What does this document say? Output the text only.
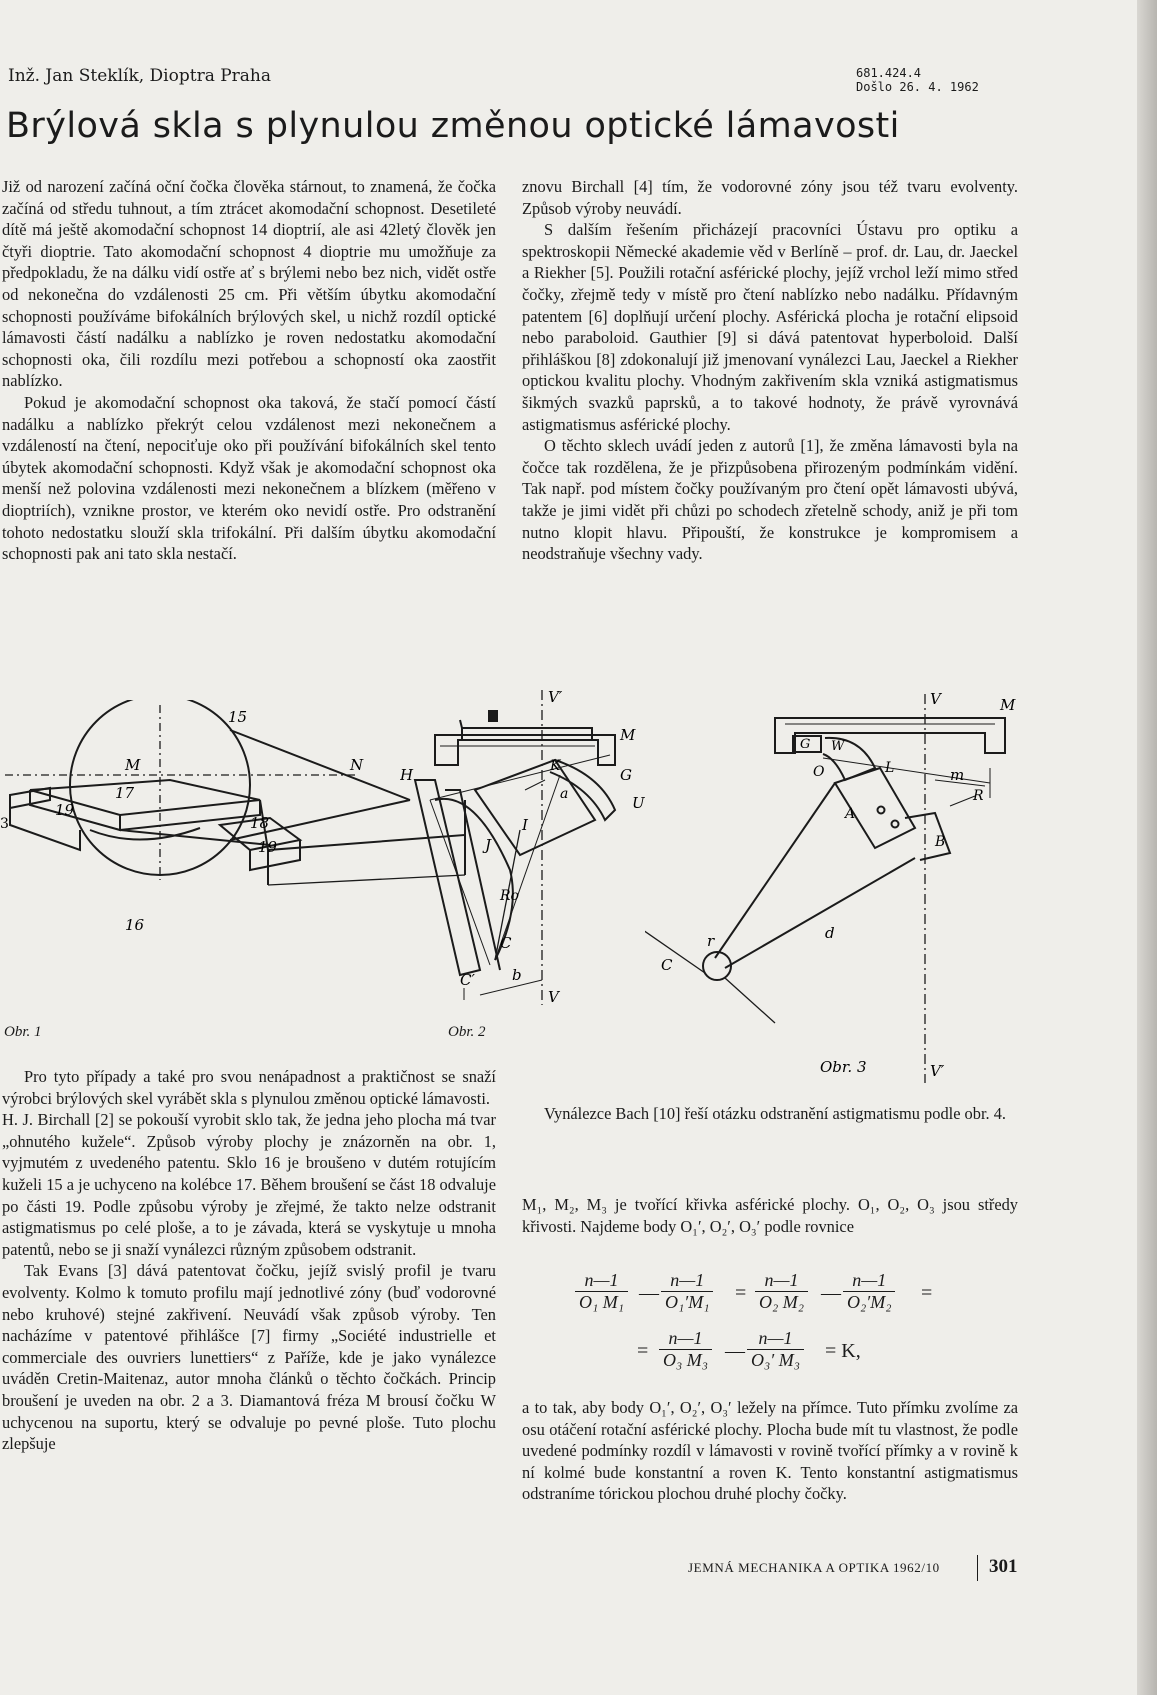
Inž. Jan Steklík, Dioptra Praha	681.424.4
Došlo 26. 4. 1962
Brýlová skla s plynulou změnou optické lámavosti

Již od narození začíná oční čočka člověka stárnout, to znamená, že čočka začíná od středu tuhnout, a tím ztrácet akomodační schopnost. Desetileté dítě má ještě akomodační schopnost 14 dioptrií, ale asi 42letý člověk jen čtyři dioptrie. Tato akomodační schopnost 4 dioptrie mu umožňuje za předpokladu, že na dálku vidí ostře ať s brýlemi nebo bez nich, vidět ostře od nekonečna do vzdálenosti 25 cm. Při větším úbytku akomodační schopnosti používáme bifokálních brýlových skel, u nichž rozdíl optické lámavosti částí nadálku a nablízko je roven nedostatku akomodační schopnosti oka, čili rozdílu mezi potřebou a schopností oka zaostřit nablízko.

Pokud je akomodační schopnost oka taková, že stačí pomocí částí nadálku a nablízko překrýt celou vzdálenost mezi nekonečnem a vzdáleností na čtení, nepociťuje oko při používání bifokálních skel tento úbytek akomodační schopnosti. Když však je akomodační schopnost oka menší než polovina vzdálenosti mezi nekonečnem a blízkem (měřeno v dioptriích), vznikne prostor, ve kterém oko nevidí ostře. Pro odstranění tohoto nedostatku slouží skla trifokální. Při dalším úbytku akomodační schopnosti pak ani tato skla nestačí.

15
M	N
17
19
18
19
16
3
Obr. 1	Obr. 2
V′
M
K	G
a	U
H
I
J
Ro
C
C′ b
V

znovu Birchall [4] tím, že vodorovné zóny jsou též tvaru evolventy. Způsob výroby neuvádí.

S dalším řešením přicházejí pracovníci Ústavu pro optiku a spektroskopii Německé akademie věd v Berlíně – prof. dr. Lau, dr. Jaeckel a Riekher [5]. Použili rotační asférické plochy, jejíž vrchol leží mimo střed čočky, zřejmě tedy v místě pro čtení nablízko nebo nadálku. Přídavným patentem [6] doplňují určení plochy. Asférická plocha je rotační elipsoid nebo paraboloid. Gauthier [9] si dává patentovat hyperboloid. Další přihláškou [8] zdokonalují již jmenovaní vynálezci Lau, Jaeckel a Riekher optickou kvalitu plochy. Vhodným zakřivením skla vzniká astigmatismus šikmých svazků paprsků, a to takové hodnoty, že právě vyrovnává astigmatismus asférické plochy.

O těchto sklech uvádí jeden z autorů [1], že změna lámavosti byla na čočce tak rozdělena, že je přizpůsobena přirozeným podmínkám vidění. Tak např. pod místem čočky používaným pro čtení opět lámavosti ubývá, takže je jimi vidět při chůzi po schodech zřetelně schody, aniž je při tom nutno klopit hlavu. Připouští, že konstrukce je kompromisem a neodstraňuje všechny vady.

V	M
G W
O	L	m
A
R
B
d
r
C
V′
Obr. 3

Pro tyto případy a také pro svou nenápadnost a praktičnost se snaží výrobci brýlových skel vyrábět skla s plynulou změnou optické lámavosti.

H. J. Birchall [2] se pokouší vyrobit sklo tak, že jedna jeho plocha má tvar „ohnutého kužele“. Způsob výroby plochy je znázorněn na obr. 1, vyjmutém z uvedeného patentu. Sklo 16 je broušeno v dutém rotujícím kuželi 15 a je uchyceno na kolébce 17. Během broušení se část 18 odvaluje po části 19. Podle způsobu výroby je zřejmé, že takto nelze odstranit astigmatismus po celé ploše, a to je závada, která se vyskytuje u mnoha patentů, nebo se ji snaží vynálezci různým způsobem odstranit.

Tak Evans [3] dává patentovat čočku, jejíž svislý profil je tvaru evolventy. Kolmo k tomuto profilu mají jednotlivé zóny (buď vodorovné nebo kruhové) stejné zakřivení. Neuvádí však způsob výroby. Ten nacházíme v patentové přihlášce [7] firmy „Société industrielle et commerciale des ouvriers lunettiers“ z Paříže, kde je jako vynálezce uváděn Cretin-Maitenaz, autor mnoha článků o těchto čočkách. Princip broušení je uveden na obr. 2 a 3. Diamantová fréza M brousí čočku W uchycenou na suportu, který se odvaluje po pevné ploše. Tuto plochu zlepšuje

Vynálezce Bach [10] řeší otázku odstranění astigmatismu podle obr. 4.

M₁, M₂, M₃ je tvořící křivka asférické plochy. O₁, O₂, O₃ jsou středy křivosti. Najdeme body O₁′, O₂′, O₃′ podle rovnice

$\frac{n—1}{\text{O₁ M₁}}$ — $\frac{n—1}{\text{O₁′M₁}} = \frac{n—1}{\text{O₂ M₂}}$ — $\frac{n—1}{\text{O₂′M₂}}$ =
= $\frac{n—1}{\text{O₃ M₃}}$ — $\frac{n—1}{\text{O₃′ M₃}} = K$,

a to tak, aby body O₁′, O₂′, O₃′ ležely na přímce. Tuto přímku zvolíme za osu otáčení rotační asférické plochy. Plocha bude mít tu vlastnost, že podle uvedené podmínky rozdíl v lámavosti v rovině tvořící přímky a v rovině k ní kolmé bude konstantní a roven K. Tento konstantní astigmatismus odstraníme tórickou plochou druhé plochy čočky.

JEMNÁ MECHANIKA A OPTIKA 1962/10	301
